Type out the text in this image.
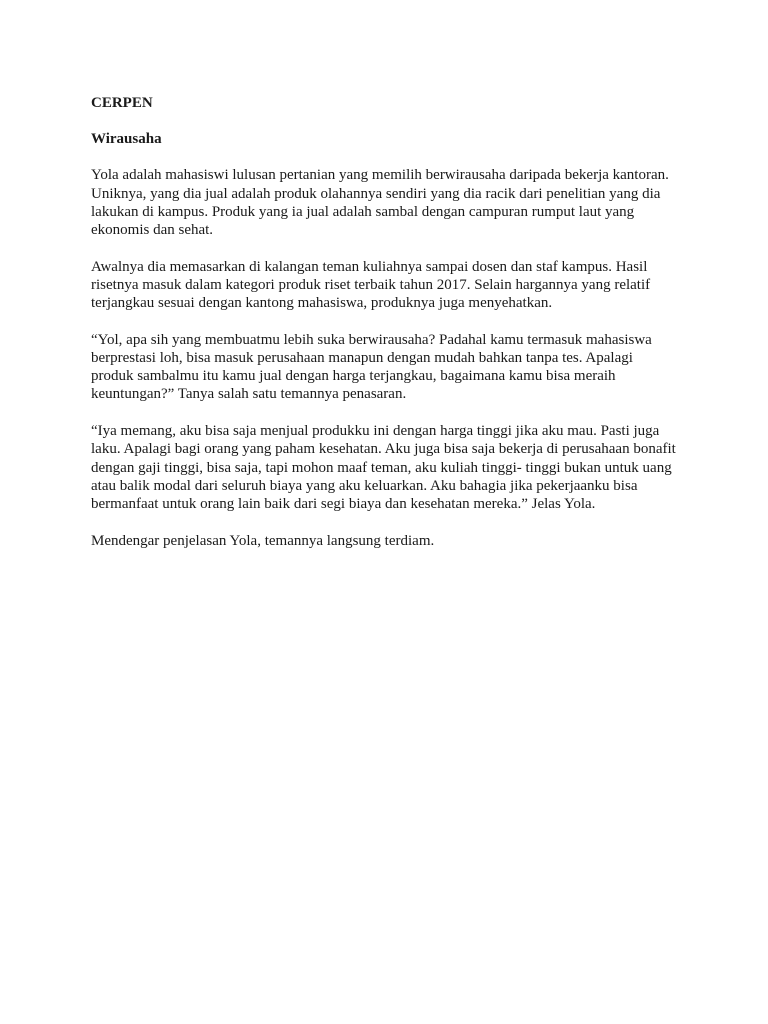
CERPEN
Wirausaha
Yola adalah mahasiswi lulusan pertanian yang memilih berwirausaha daripada bekerja kantoran.
Uniknya, yang dia jual adalah produk olahannya sendiri yang dia racik dari penelitian yang dia
lakukan di kampus. Produk yang ia jual adalah sambal dengan campuran rumput laut yang
ekonomis dan sehat.
Awalnya dia memasarkan di kalangan teman kuliahnya sampai dosen dan staf kampus. Hasil
risetnya masuk dalam kategori produk riset terbaik tahun 2017. Selain hargannya yang relatif
terjangkau sesuai dengan kantong mahasiswa, produknya juga menyehatkan.
“Yol, apa sih yang membuatmu lebih suka berwirausaha? Padahal kamu termasuk mahasiswa
berprestasi loh, bisa masuk perusahaan manapun dengan mudah bahkan tanpa tes. Apalagi
produk sambalmu itu kamu jual dengan harga terjangkau, bagaimana kamu bisa meraih
keuntungan?” Tanya salah satu temannya penasaran.
“Iya memang, aku bisa saja menjual produkku ini dengan harga tinggi jika aku mau. Pasti juga
laku. Apalagi bagi orang yang paham kesehatan. Aku juga bisa saja bekerja di perusahaan bonafit
dengan gaji tinggi, bisa saja, tapi mohon maaf teman, aku kuliah tinggi- tinggi bukan untuk uang
atau balik modal dari seluruh biaya yang aku keluarkan. Aku bahagia jika pekerjaanku bisa
bermanfaat untuk orang lain baik dari segi biaya dan kesehatan mereka.” Jelas Yola.
Mendengar penjelasan Yola, temannya langsung terdiam.
